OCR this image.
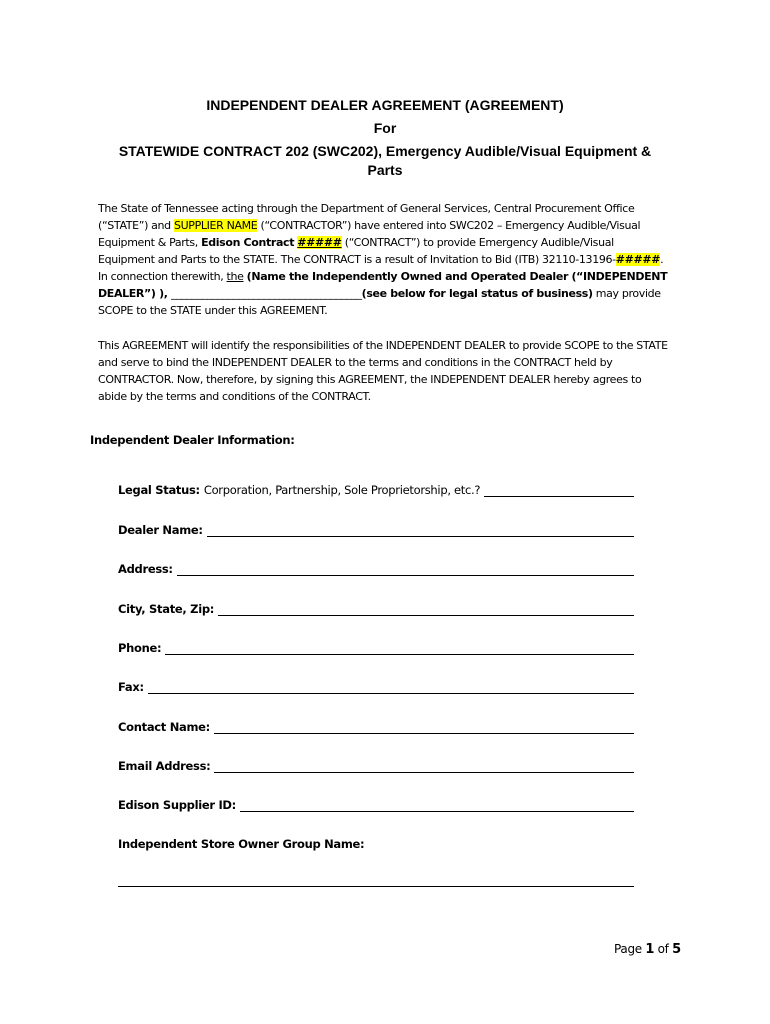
INDEPENDENT DEALER AGREEMENT (AGREEMENT)
For
STATEWIDE CONTRACT 202 (SWC202), Emergency Audible/Visual Equipment &
Parts

The State of Tennessee acting through the Department of General Services, Central Procurement Office (“STATE”) and SUPPLIER NAME (“CONTRACTOR”) have entered into SWC202 – Emergency Audible/Visual Equipment & Parts, Edison Contract ##### (“CONTRACT”) to provide Emergency Audible/Visual Equipment and Parts to the STATE. The CONTRACT is a result of Invitation to Bid (ITB) 32110-13196-#####. In connection therewith, the (Name the Independently Owned and Operated Dealer (“INDEPENDENT DEALER”) ), _____________________________________(see below for legal status of business) may provide SCOPE to the STATE under this AGREEMENT.

This AGREEMENT will identify the responsibilities of the INDEPENDENT DEALER to provide SCOPE to the STATE and serve to bind the INDEPENDENT DEALER to the terms and conditions in the CONTRACT held by CONTRACTOR. Now, therefore, by signing this AGREEMENT, the INDEPENDENT DEALER hereby agrees to abide by the terms and conditions of the CONTRACT.

Independent Dealer Information:
Legal Status: Corporation, Partnership, Sole Proprietorship, etc.?
Dealer Name:
Address:
City, State, Zip:
Phone:
Fax:
Contact Name:
Email Address:
Edison Supplier ID:
Independent Store Owner Group Name:
Page 1 of 5
